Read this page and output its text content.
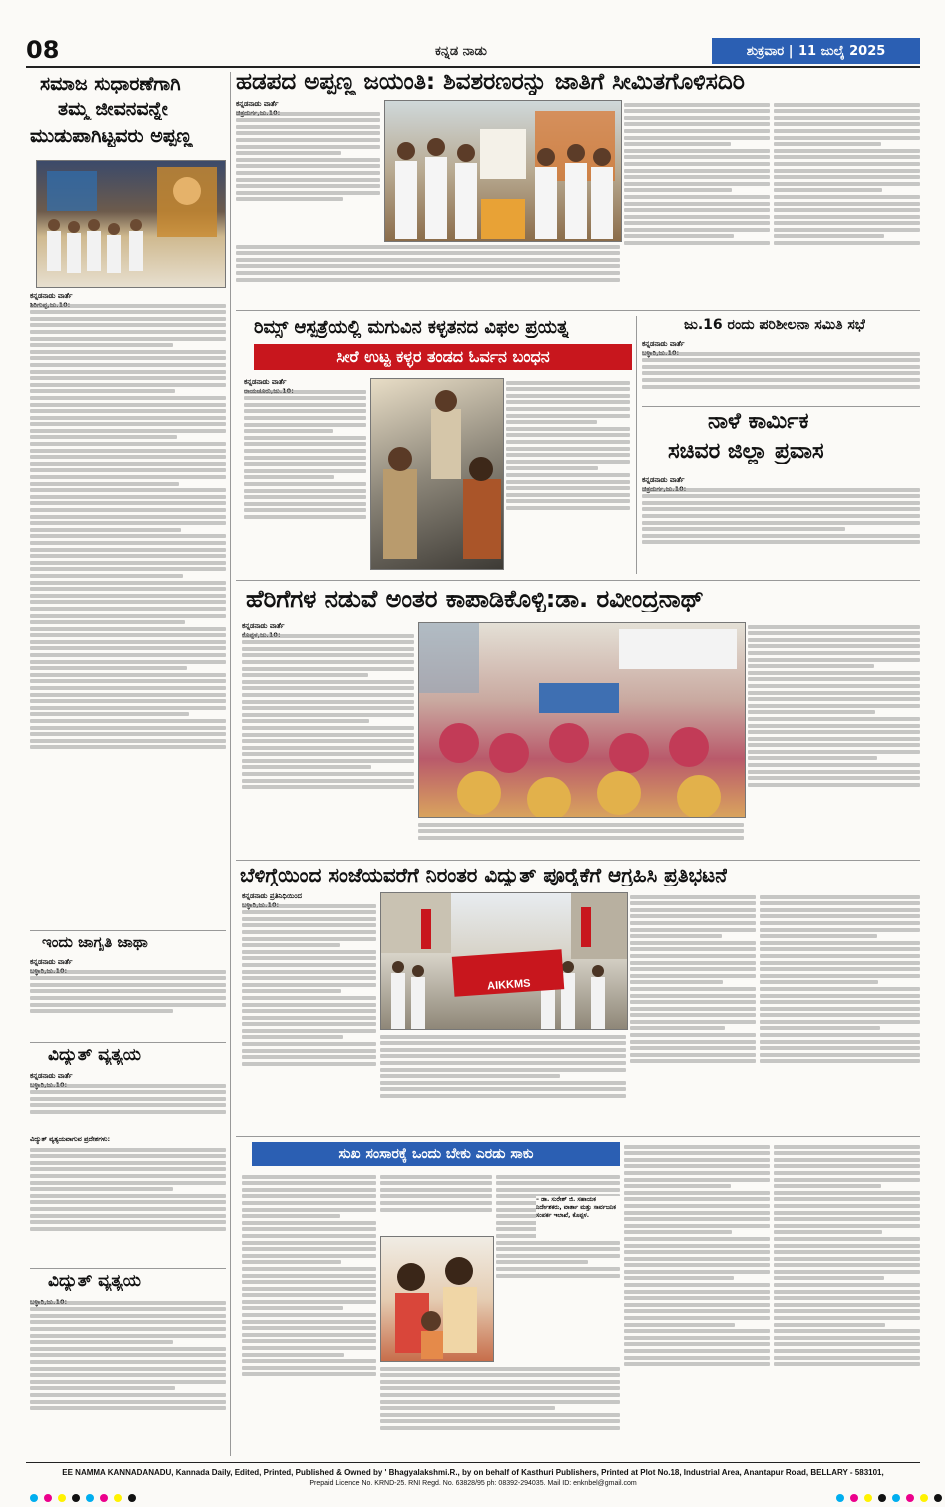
08	ಕನ್ನಡ ನಾಡು	ಶುಕ್ರವಾರ | 11 ಜುಲೈ 2025
ಸಮಾಜ ಸುಧಾರಣೆಗಾಗಿ
ತಮ್ಮ ಜೀವನವನ್ನೇ
ಮುಡುಪಾಗಿಟ್ಟವರು ಅಪ್ಪಣ್ಣ
ಕನ್ನಡನಾಡು ವಾರ್ತೆ
ಇಂದು ಜಾಗೃತಿ ಜಾಥಾ
ಕನ್ನಡನಾಡು ವಾರ್ತೆ
ವಿದ್ಯುತ್ ವ್ಯತ್ಯಯ
ಕನ್ನಡನಾಡು ವಾರ್ತೆ
ವಿದ್ಯುತ್ ವ್ಯತ್ಯಯವಾಗುವ ಪ್ರದೇಶಗಳು:
ವಿದ್ಯುತ್ ವ್ಯತ್ಯಯ
ಹಡಪದ ಅಪ್ಪಣ್ಣ ಜಯಂತಿ: ಶಿವಶರಣರನ್ನು ಜಾತಿಗೆ ಸೀಮಿತಗೊಳಿಸದಿರಿ
ಕನ್ನಡನಾಡು ವಾರ್ತೆ
ರಿಮ್ಸ್ ಆಸ್ಪತ್ರೆಯಲ್ಲಿ ಮಗುವಿನ ಕಳ್ಳತನದ ವಿಫಲ ಪ್ರಯತ್ನ
ಸೀರೆ ಉಟ್ಟ ಕಳ್ಳರ ತಂಡದ ಓರ್ವನ ಬಂಧನ
ಕನ್ನಡನಾಡು ವಾರ್ತೆ
ಜು.16 ರಂದು ಪರಿಶೀಲನಾ ಸಮಿತಿ ಸಭೆ
ಕನ್ನಡನಾಡು ವಾರ್ತೆ
ನಾಳೆ ಕಾರ್ಮಿಕ
ಸಚಿವರ ಜಿಲ್ಲಾ ಪ್ರವಾಸ
ಕನ್ನಡನಾಡು ವಾರ್ತೆ
ಹೆರಿಗೆಗಳ ನಡುವೆ ಅಂತರ ಕಾಪಾಡಿಕೊಳ್ಳಿ:ಡಾ. ರವೀಂದ್ರನಾಥ್
ಕನ್ನಡನಾಡು ವಾರ್ತೆ
ಬೆಳಿಗ್ಗೆಯಿಂದ ಸಂಜೆಯವರೆಗೆ ನಿರಂತರ ವಿದ್ಯುತ್ ಪೂರೈಕೆಗೆ ಆಗ್ರಹಿಸಿ ಪ್ರತಿಭಟನೆ
ಕನ್ನಡನಾಡು ಪ್ರತಿನಿಧಿಯಿಂದ
AIKKMS
ಸುಖ ಸಂಸಾರಕ್ಕೆ ಒಂದು ಬೇಕು ಎರಡು ಸಾಕು
– ಡಾ. ಸುರೇಶ್ ಜಿ. ಸಹಾಯಕ ನಿರ್ದೇಶಕರು, ವಾರ್ತಾ ಮತ್ತು ಸಾರ್ವಜನಿಕ ಸಂಪರ್ಕ ಇಲಾಖೆ, ಕೊಪ್ಪಳ.
EE NAMMA KANNADANADU, Kannada Daily, Edited, Printed, Published & Owned by ' Bhagyalakshmi.R., by on behalf of Kasthuri Publishers, Printed at Plot No.18, Industrial Area, Anantapur Road, BELLARY - 583101,
Prepaid Licence No. KRND-25. RNI Regd. No. 63828/95 ph: 08392-294035. Mail ID: enknbel@gmail.com
